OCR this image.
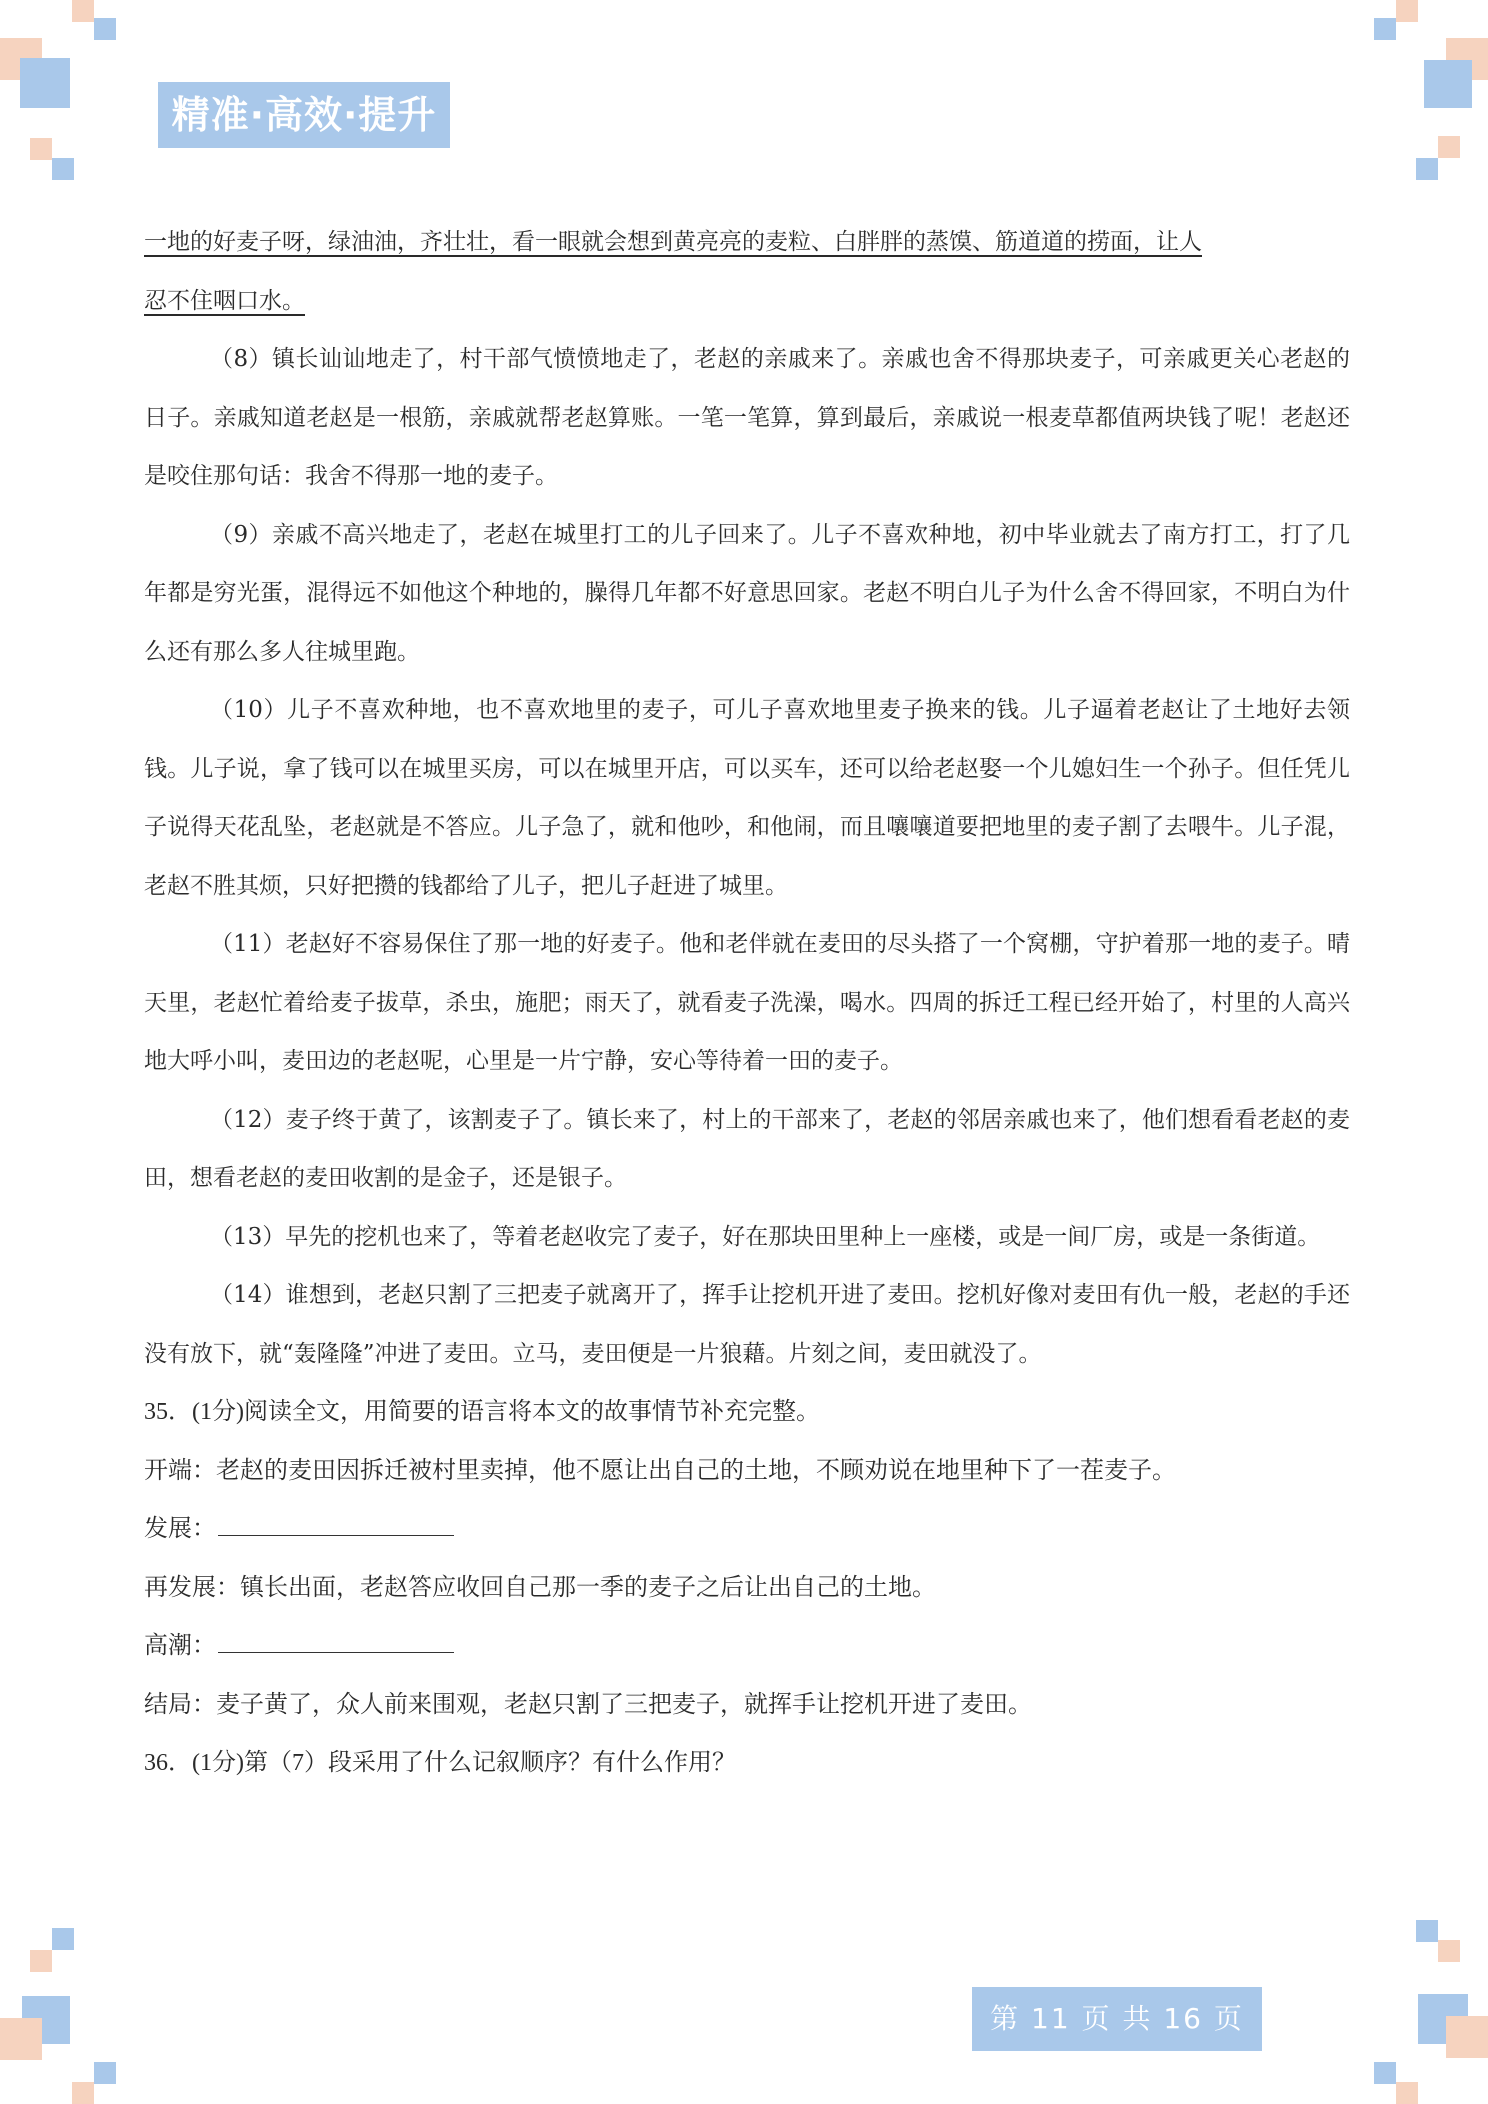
精准·高效·提升

一地的好麦子呀，绿油油，齐壮壮，看一眼就会想到黄亮亮的麦粒、白胖胖的蒸馍、筋道道的捞面，让人

忍不住咽口水。

（8）镇长讪讪地走了，村干部气愤愤地走了，老赵的亲戚来了。亲戚也舍不得那块麦子，可亲戚更关心老赵的日子。亲戚知道老赵是一根筋，亲戚就帮老赵算账。一笔一笔算，算到最后，亲戚说一根麦草都值两块钱了呢！老赵还是咬住那句话：我舍不得那一地的麦子。

（9）亲戚不高兴地走了，老赵在城里打工的儿子回来了。儿子不喜欢种地，初中毕业就去了南方打工，打了几年都是穷光蛋，混得远不如他这个种地的，臊得几年都不好意思回家。老赵不明白儿子为什么舍不得回家，不明白为什么还有那么多人往城里跑。

（10）儿子不喜欢种地，也不喜欢地里的麦子，可儿子喜欢地里麦子换来的钱。儿子逼着老赵让了土地好去领钱。儿子说，拿了钱可以在城里买房，可以在城里开店，可以买车，还可以给老赵娶一个儿媳妇生一个孙子。但任凭儿子说得天花乱坠，老赵就是不答应。儿子急了，就和他吵，和他闹，而且嚷嚷道要把地里的麦子割了去喂牛。儿子混，老赵不胜其烦，只好把攒的钱都给了儿子，把儿子赶进了城里。

（11）老赵好不容易保住了那一地的好麦子。他和老伴就在麦田的尽头搭了一个窝棚，守护着那一地的麦子。晴天里，老赵忙着给麦子拔草，杀虫，施肥；雨天了，就看麦子洗澡，喝水。四周的拆迁工程已经开始了，村里的人高兴地大呼小叫，麦田边的老赵呢，心里是一片宁静，安心等待着一田的麦子。

（12）麦子终于黄了，该割麦子了。镇长来了，村上的干部来了，老赵的邻居亲戚也来了，他们想看看老赵的麦田，想看老赵的麦田收割的是金子，还是银子。

（13）早先的挖机也来了，等着老赵收完了麦子，好在那块田里种上一座楼，或是一间厂房，或是一条街道。

（14）谁想到，老赵只割了三把麦子就离开了，挥手让挖机开进了麦田。挖机好像对麦田有仇一般，老赵的手还没有放下，就“轰隆隆”冲进了麦田。立马，麦田便是一片狼藉。片刻之间，麦田就没了。

35．(1分)阅读全文，用简要的语言将本文的故事情节补充完整。

开端：老赵的麦田因拆迁被村里卖掉，他不愿让出自己的土地，不顾劝说在地里种下了一茬麦子。

发展：

再发展：镇长出面，老赵答应收回自己那一季的麦子之后让出自己的土地。

高潮：

结局：麦子黄了，众人前来围观，老赵只割了三把麦子，就挥手让挖机开进了麦田。

36．(1分)第（7）段采用了什么记叙顺序？有什么作用？

第 11 页 共 16 页
